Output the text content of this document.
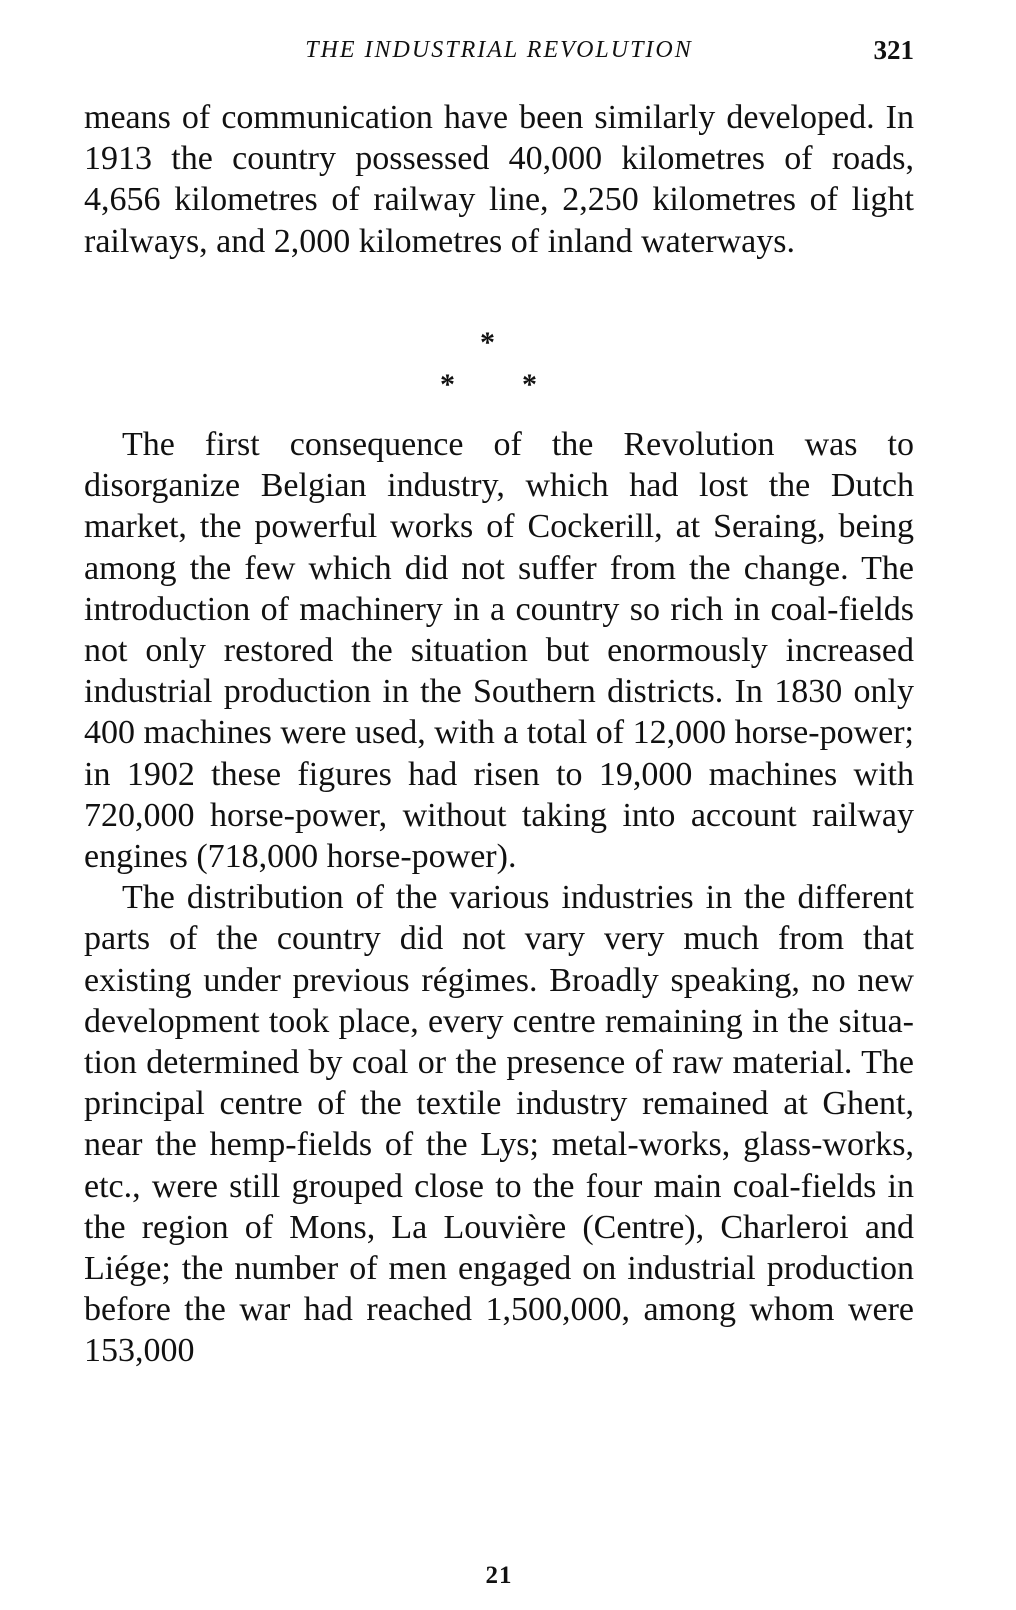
THE INDUSTRIAL REVOLUTION	321

means of communication have been similarly developed. In 1913 the country possessed 40,000 kilometres of roads, 4,656 kilometres of railway line, 2,250 kilometres of light railways, and 2,000 kilometres of inland waterways.

*
* *

The first consequence of the Revolution was to disorganize Belgian industry, which had lost the Dutch market, the powerful works of Cockerill, at Seraing, being among the few which did not suffer from the change. The introduction of machinery in a country so rich in coal-fields not only restored the situation but enormously increased industrial production in the Southern districts. In 1830 only 400 machines were used, with a total of 12,000 horse-power; in 1902 these figures had risen to 19,000 machines with 720,000 horse-power, without taking into account railway engines (718,000 horse-power).

The distribution of the various industries in the different parts of the country did not vary very much from that existing under previous régimes. Broadly speaking, no new development took place, every centre remaining in the situation determined by coal or the presence of raw material. The principal centre of the textile industry remained at Ghent, near the hemp-fields of the Lys; metal-works, glass-works, etc., were still grouped close to the four main coal-fields in the region of Mons, La Louvière (Centre), Charleroi and Liége; the number of men engaged on industrial production before the war had reached 1,500,000, among whom were 153,000

21
